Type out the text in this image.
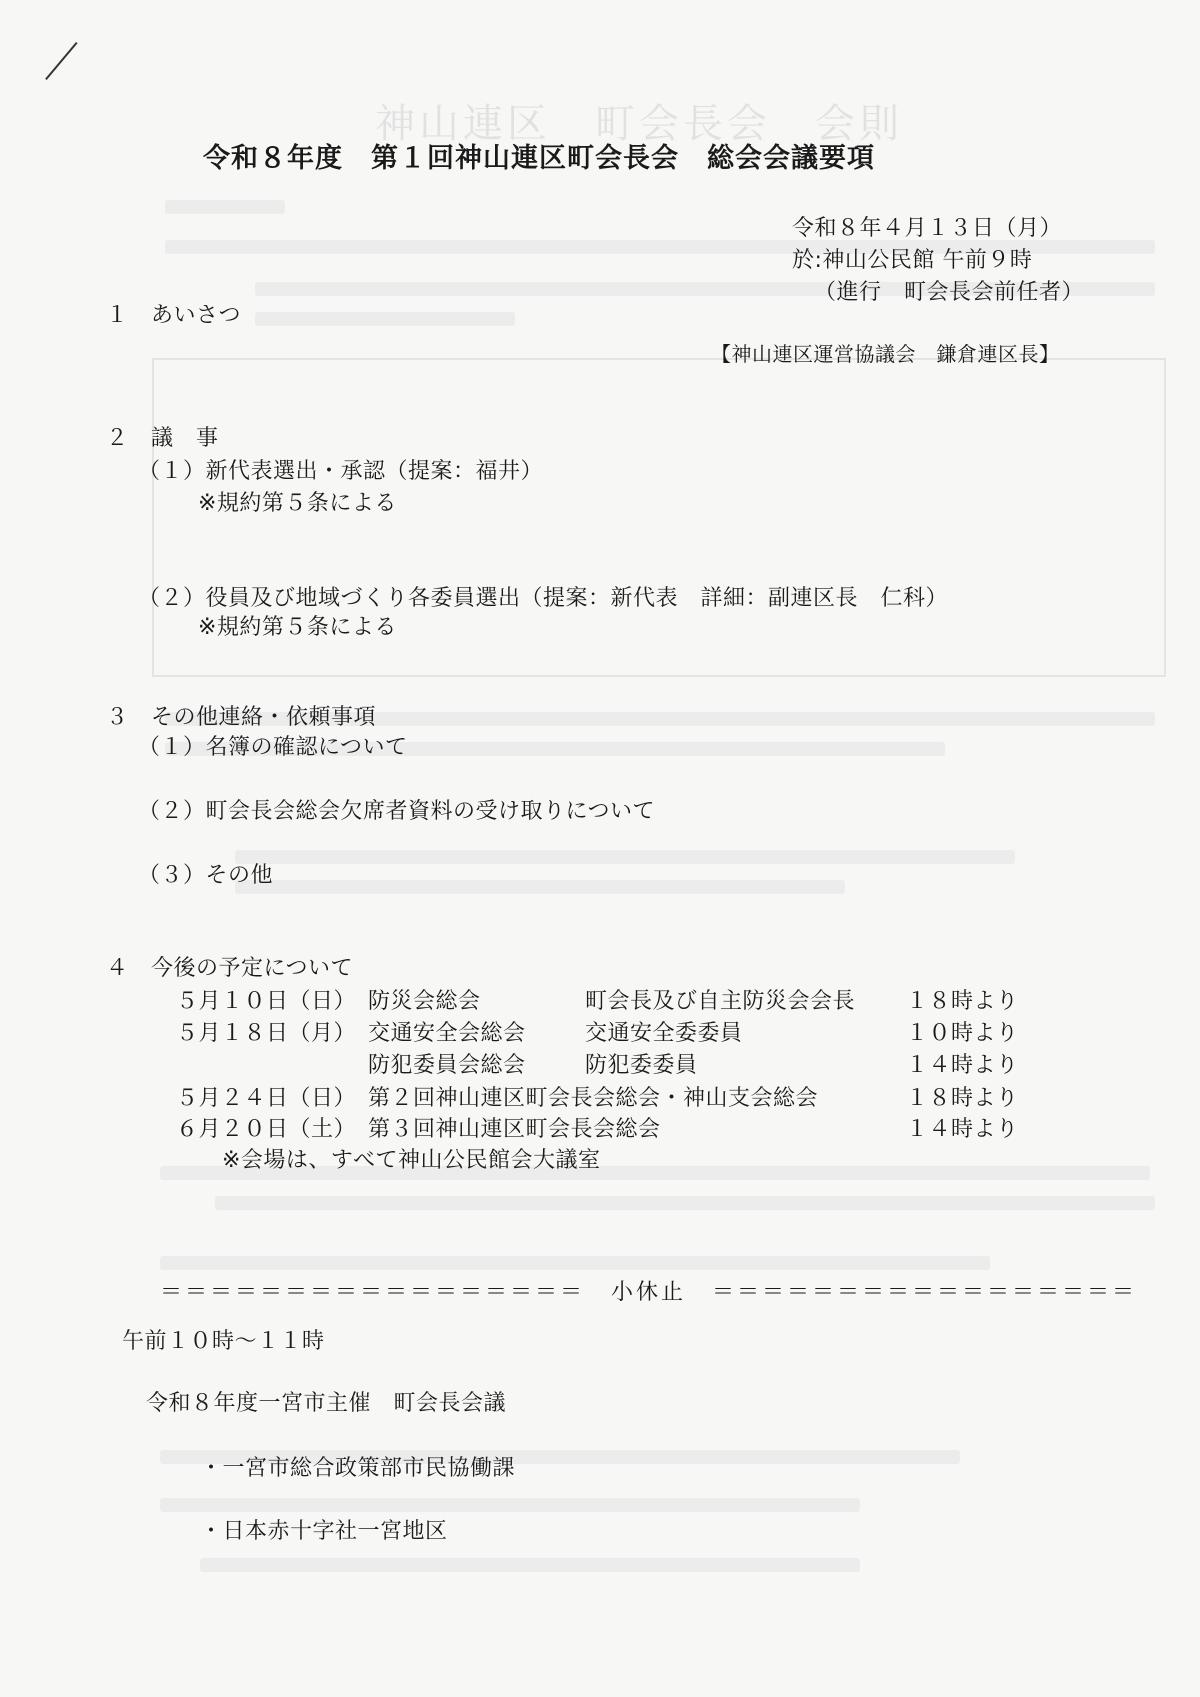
神山連区　町会長会　会則
令和８年度　第１回神山連区町会長会　総会会議要項
令和８年４月１３日（月）
於:神山公民館 午前９時
（進行　町会長会前任者）
１　あいさつ
【神山連区運営協議会　鎌倉連区長】
２　議　事
（１）新代表選出・承認（提案：福井）
※規約第５条による
（２）役員及び地域づくり各委員選出（提案：新代表　詳細：副連区長　仁科）
※規約第５条による
３　その他連絡・依頼事項
（１）名簿の確認について
（２）町会長会総会欠席者資料の受け取りについて
（３）その他
４　今後の予定について
５月１０日（日） 防災会総会	町会長及び自主防災会会長 １８時より
５月１８日（月） 交通安全会総会	交通安全委委員	１０時より
防犯委員会総会	防犯委委員	１４時より
５月２４日（日） 第２回神山連区町会長会総会・神山支会総会	１８時より
６月２０日（土） 第３回神山連区町会長会総会	１４時より
※会場は、すべて神山公民館会大議室
＝＝＝＝＝＝＝＝＝＝＝＝＝＝＝＝＝ 小休止 ＝＝＝＝＝＝＝＝＝＝＝＝＝＝＝＝＝
午前１０時～１１時
令和８年度一宮市主催　町会長会議
・一宮市総合政策部市民協働課
・日本赤十字社一宮地区
